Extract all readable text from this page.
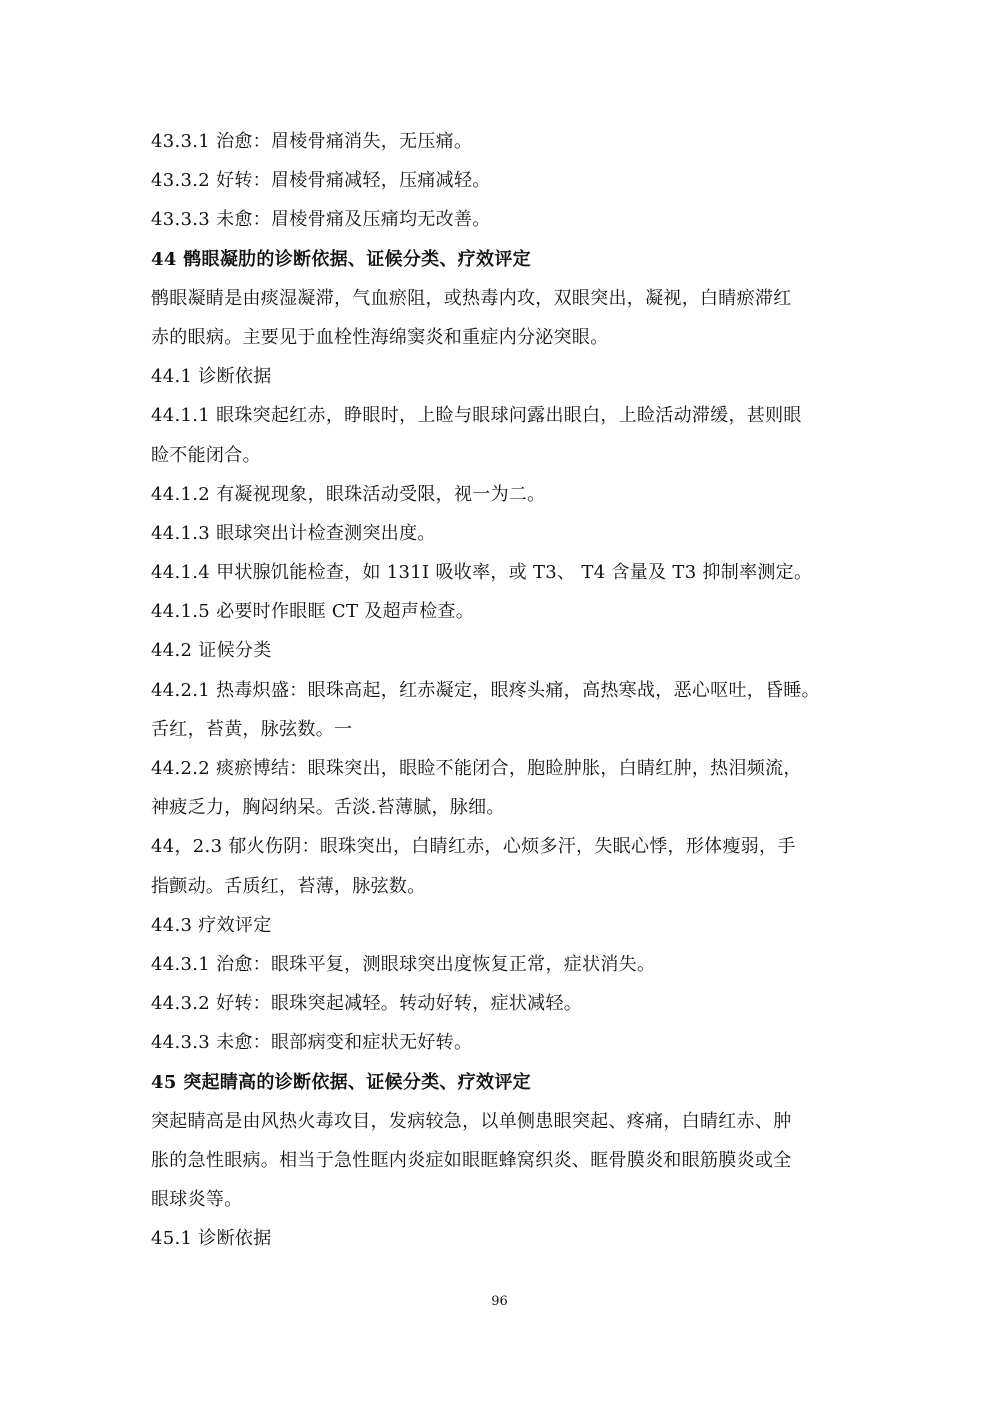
43.3.1 治愈：眉棱骨痛消失，无压痛。
43.3.2 好转：眉棱骨痛减轻，压痛减轻。
43.3.3 未愈：眉棱骨痛及压痛均无改善。
44 鹘眼凝肋的诊断依据、证候分类、疗效评定
鹘眼凝睛是由痰湿凝滞，气血瘀阻，或热毒内攻，双眼突出，凝视，白睛瘀滞红
赤的眼病。主要见于血栓性海绵窦炎和重症内分泌突眼。
44.1 诊断依据
44.1.1 眼珠突起红赤，睁眼时，上睑与眼球问露出眼白，上睑活动滞缓，甚则眼
睑不能闭合。
44.1.2 有凝视现象，眼珠活动受限，视一为二。
44.1.3 眼球突出计检查测突出度。
44.1.4 甲状腺饥能检查，如 131I 吸收率，或 T3、 T4 含量及 T3 抑制率测定。
44.1.5 必要时作眼眶 CT 及超声检查。
44.2 证候分类
44.2.1 热毒炽盛：眼珠高起，红赤凝定，眼疼头痛，高热寒战，恶心呕吐，昏睡。
舌红，苔黄，脉弦数。一
44.2.2 痰瘀博结：眼珠突出，眼睑不能闭合，胞睑肿胀，白睛红肿，热泪频流，
神疲乏力，胸闷纳呆。舌淡.苔薄腻，脉细。
44，2.3 郁火伤阴：眼珠突出，白睛红赤，心烦多汗，失眠心悸，形体瘦弱，手
指颤动。舌质红，苔薄，脉弦数。
44.3 疗效评定
44.3.1 治愈：眼珠平复，测眼球突出度恢复正常，症状消失。
44.3.2 好转：眼珠突起减轻。转动好转，症状减轻。
44.3.3 未愈：眼部病变和症状无好转。
45 突起睛高的诊断依据、证候分类、疗效评定
突起睛高是由风热火毒攻目，发病较急，以单侧患眼突起、疼痛，白睛红赤、肿
胀的急性眼病。相当于急性眶内炎症如眼眶蜂窝织炎、眶骨膜炎和眼筋膜炎或全
眼球炎等。
45.1 诊断依据
96
